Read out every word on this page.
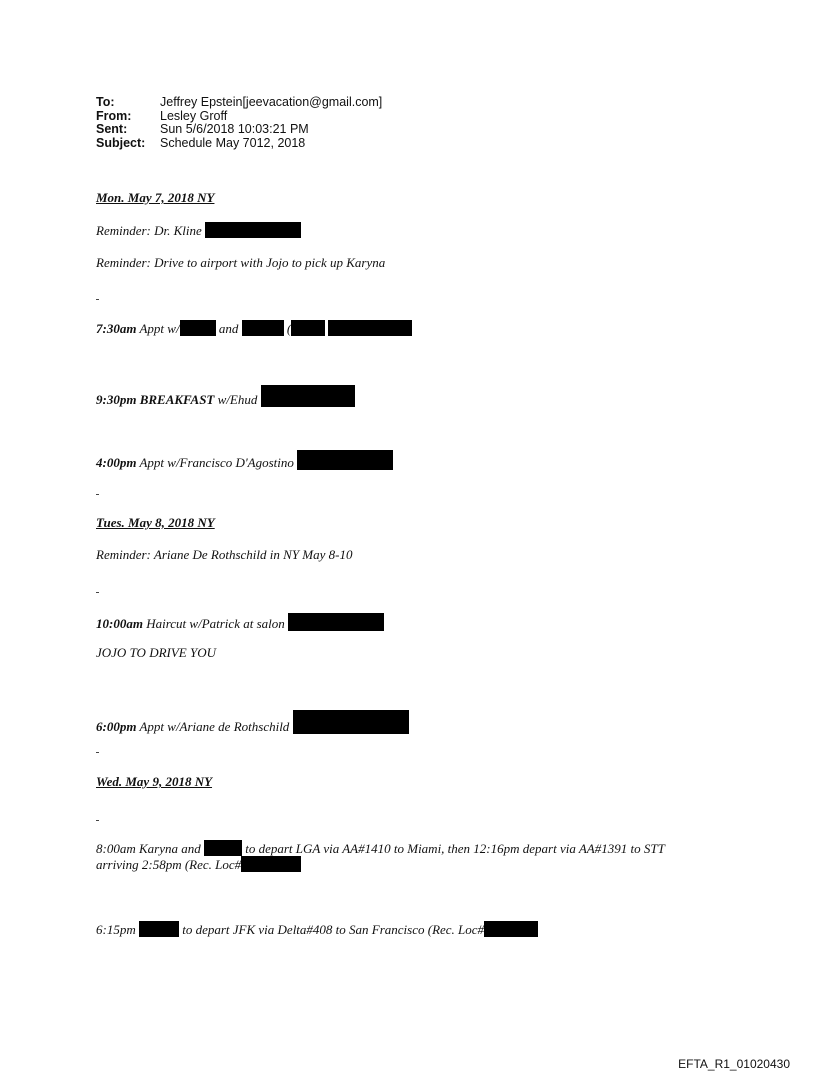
To:	Jeffrey Epstein[jeevacation@gmail.com]
From:	Lesley Groff
Sent:	Sun 5/6/2018 10:03:21 PM
Subject:	Schedule May 7012, 2018
Mon. May 7, 2018 NY
Reminder: Dr. Kline
Reminder: Drive to airport with Jojo to pick up Karyna
7:30am Appt w/	and	(
9:30pm BREAKFAST w/Ehud
4:00pm Appt w/Francisco D'Agostino
Tues. May 8, 2018 NY
Reminder: Ariane De Rothschild in NY May 8-10
10:00am Haircut w/Patrick at salon
JOJO TO DRIVE YOU
6:00pm Appt w/Ariane de Rothschild
Wed. May 9, 2018 NY
8:00am Karyna and	to depart LGA via AA#1410 to Miami, then 12:16pm depart via AA#1391 to STT
arriving 2:58pm (Rec. Loc#
6:15pm	to depart JFK via Delta#408 to San Francisco (Rec. Loc#
EFTA_R1_01020430
